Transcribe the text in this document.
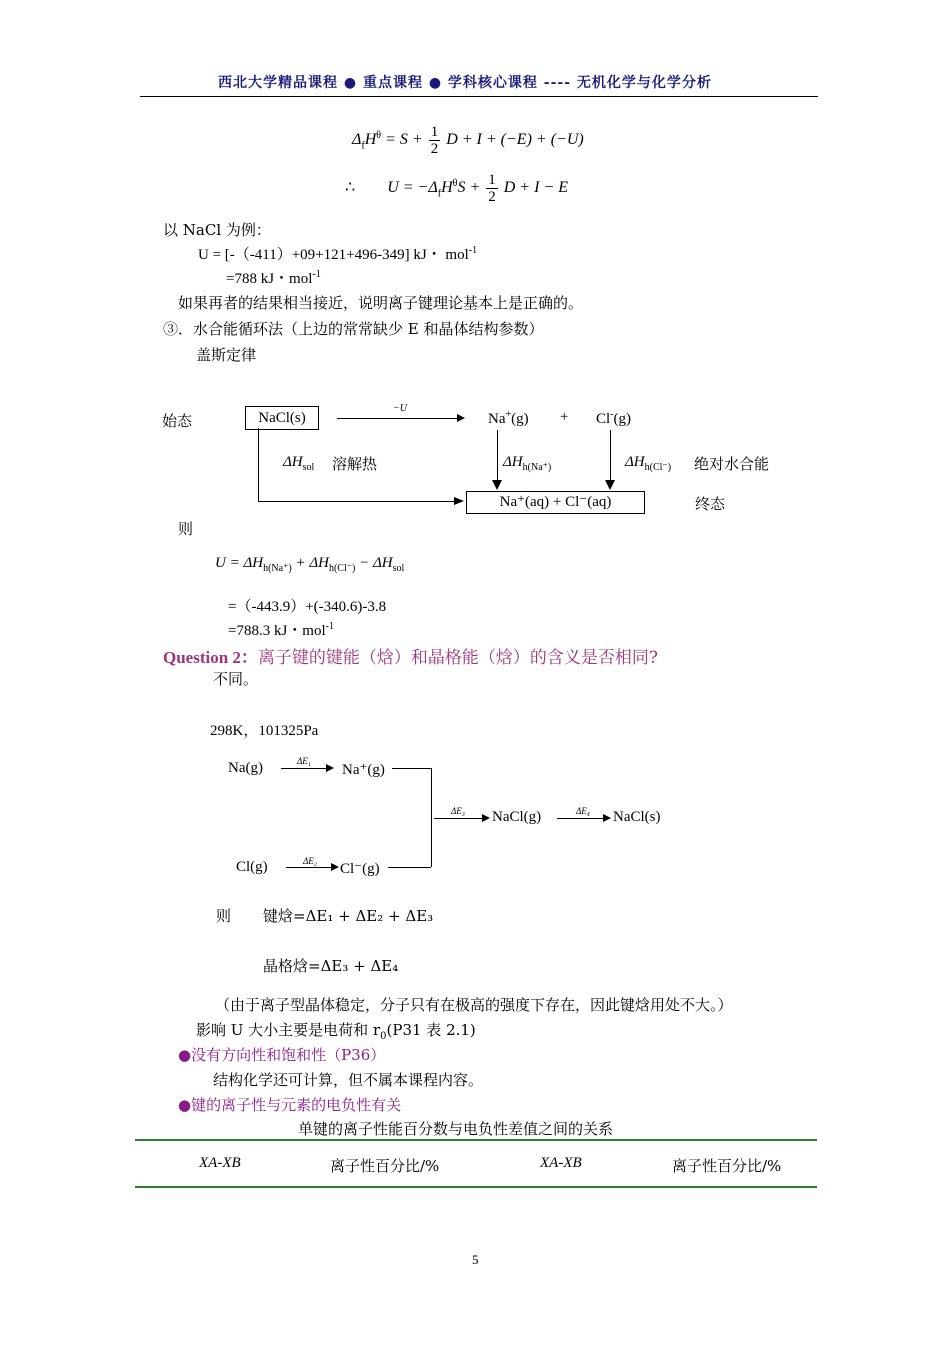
西北大学精品课程 ● 重点课程 ● 学科核心课程 ---- 无机化学与化学分析
$\Delta_fH^\theta = S + \frac{1}{2}$ D + I + (−E) + (−U)
∴ $U = -\Delta_fH^\theta S + \frac{1}{2}$ D + I − E
以 NaCl 为例：
U = [-（-411）+09+121+496-349] kJ・ mol$^{-1}$
=788 kJ・mol$^{-1}$
如果再者的结果相当接近，说明离子键理论基本上是正确的。
③．水合能循环法（上边的常常缺少 E 和晶体结构参数）
盖斯定律
始态	NaCl(s)
−U
Na+(g) + Cl-(g)
$\Delta H_{sol}$ 溶解热	$\Delta H_{h(Na^+)}$	$\Delta H_{h(Cl^-)}$ 绝对水合能
Na⁺(aq) + Cl⁻(aq)	终态
则
$U = \Delta H_{h(Na^+)} + \Delta H_{h(Cl^-)} - \Delta H_{sol}$
=（-443.9）+(-340.6)-3.8
=788.3 kJ・mol$^{-1}$
Question 2：离子键的键能（焓）和晶格能（焓）的含义是否相同?
不同。
298K，101325Pa
Na(g)	ΔE₁
Na⁺(g)
Cl(g)	ΔE₂ Cl⁻(g)
ΔE₃ NaCl(g)	ΔE₄ NaCl(s)
则 键焓=ΔE₁ + ΔE₂ + ΔE₃
晶格焓=ΔE₃ + ΔE₄
（由于离子型晶体稳定，分子只有在极高的强度下存在，因此键焓用处不大。）
影响 U 大小主要是电荷和 $r_0(P31$ 表 2.1)
●没有方向性和饱和性（P36）
结构化学还可计算，但不属本课程内容。
●键的离子性与元素的电负性有关
单键的离子性能百分数与电负性差值之间的关系
XA-XB	离子性百分比/%	XA-XB	离子性百分比/%
5
